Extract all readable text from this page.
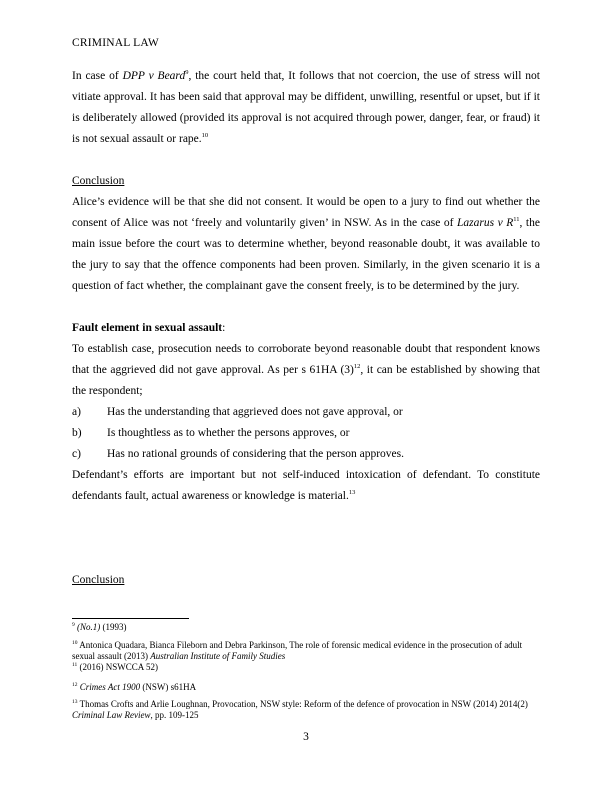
CRIMINAL LAW

In case of DPP v Beard$^9$, the court held that, It follows that not coercion, the use of stress will not vitiate approval. It has been said that approval may be diffident, unwilling, resentful or upset, but if it is deliberately allowed (provided its approval is not acquired through power, danger, fear, or fraud) it is not sexual assault or rape.$^{10}$

Conclusion

Alice’s evidence will be that she did not consent. It would be open to a jury to find out whether the consent of Alice was not ‘freely and voluntarily given’ in NSW. As in the case of Lazarus v $R^{11}$, the main issue before the court was to determine whether, beyond reasonable doubt, it was available to the jury to say that the offence components had been proven. Similarly, in the given scenario it is a question of fact whether, the complainant gave the consent freely, is to be determined by the jury.

Fault element in sexual assault:

To establish case, prosecution needs to corroborate beyond reasonable doubt that respondent knows that the aggrieved did not gave approval. As per s 61HA $(3)^{12}$, it can be established by showing that the respondent;

a)	Has the understanding that aggrieved does not gave approval, or
b)	Is thoughtless as to whether the persons approves, or
c)	Has no rational grounds of considering that the person approves.

Defendant’s efforts are important but not self-induced intoxication of defendant. To constitute defendants fault, actual awareness or knowledge is material.$^{13}$

Conclusion

$^9$ (No.1) (1993)
$^{10}$ Antonica Quadara, Bianca Fileborn and Debra Parkinson, The role of forensic medical evidence in the prosecution of adult sexual assault (2013) Australian Institute of Family Studies
$^{11}$ (2016) NSWCCA 52)
$^{12}$ Crimes Act 1900 (NSW) s61HA
$^{13}$ Thomas Crofts and Arlie Loughnan, Provocation, NSW style: Reform of the defence of provocation in NSW (2014) 2014(2) Criminal Law Review, pp. 109-125
3
